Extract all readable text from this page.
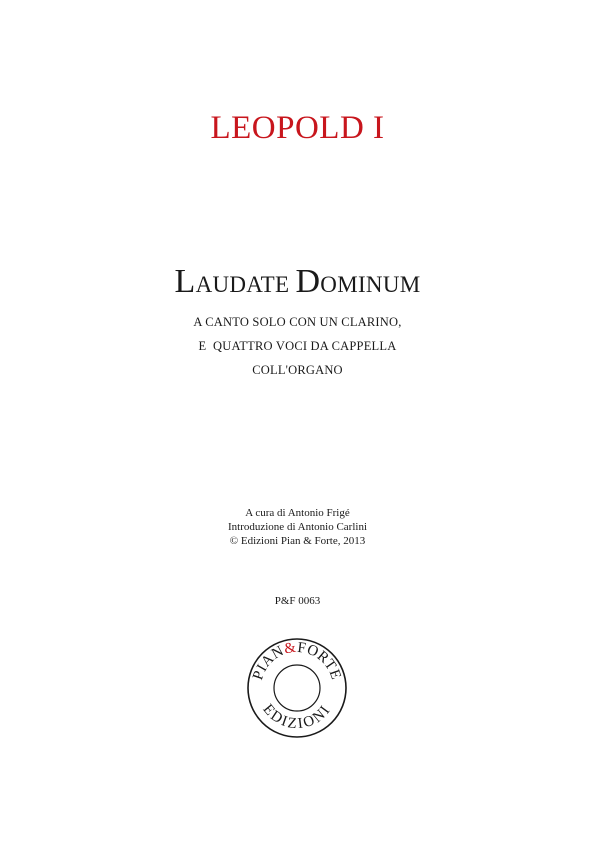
LEOPOLD I
LAUDATE DOMINUM
A CANTO SOLO CON UN CLARINO,
E  QUATTRO VOCI DA CAPPELLA
COLL'ORGANO
A cura di Antonio Frigé
Introduzione di Antonio Carlini
© Edizioni Pian & Forte, 2013
P&F 0063
PIAN&FORTE
EDIZIONI
